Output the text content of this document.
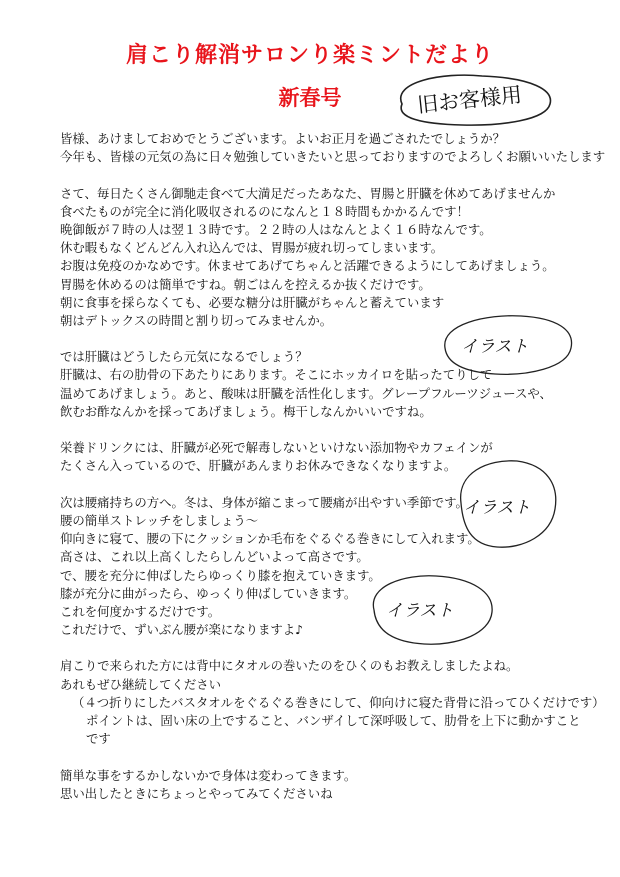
肩こり解消サロンり楽ミントだより
新春号	旧お客様用
イラスト
イラスト
イラスト
皆様、あけましておめでとうございます。よいお正月を過ごされたでしょうか？
今年も、皆様の元気の為に日々勉強していきたいと思っておりますのでよろしくお願いいたします
さて、毎日たくさん御馳走食べて大満足だったあなた、胃腸と肝臓を休めてあげませんか
食べたものが完全に消化吸収されるのになんと１８時間もかかるんです！
晩御飯が７時の人は翌１３時です。２２時の人はなんとよく１６時なんです。
休む暇もなくどんどん入れ込んでは、胃腸が疲れ切ってしまいます。
お腹は免疫のかなめです。休ませてあげてちゃんと活躍できるようにしてあげましょう。
胃腸を休めるのは簡単ですね。朝ごはんを控えるか抜くだけです。
朝に食事を採らなくても、必要な糖分は肝臓がちゃんと蓄えています
朝はデトックスの時間と割り切ってみませんか。
では肝臓はどうしたら元気になるでしょう？
肝臓は、右の肋骨の下あたりにあります。そこにホッカイロを貼ったてりして
温めてあげましょう。あと、酸味は肝臓を活性化します。グレープフルーツジュースや、
飲むお酢なんかを採ってあげましょう。梅干しなんかいいですね。
栄養ドリンクには、肝臓が必死で解毒しないといけない添加物やカフェインが
たくさん入っているので、肝臓があんまりお休みできなくなりますよ。
次は腰痛持ちの方へ。冬は、身体が縮こまって腰痛が出やすい季節です。
腰の簡単ストレッチをしましょう～
仰向きに寝て、腰の下にクッションか毛布をぐるぐる巻きにして入れます。
高さは、これ以上高くしたらしんどいよって高さです。
で、腰を充分に伸ばしたらゆっくり膝を抱えていきます。
膝が充分に曲がったら、ゆっくり伸ばしていきます。
これを何度かするだけです。
これだけで、ずいぶん腰が楽になりますよ♪
肩こりで来られた方には背中にタオルの巻いたのをひくのもお教えしましたよね。
あれもぜひ継続してください
（４つ折りにしたバスタオルをぐるぐる巻きにして、仰向けに寝た背骨に沿ってひくだけです）
ポイントは、固い床の上ですること、バンザイして深呼吸して、肋骨を上下に動かすこと
です
簡単な事をするかしないかで身体は変わってきます。
思い出したときにちょっとやってみてくださいね
